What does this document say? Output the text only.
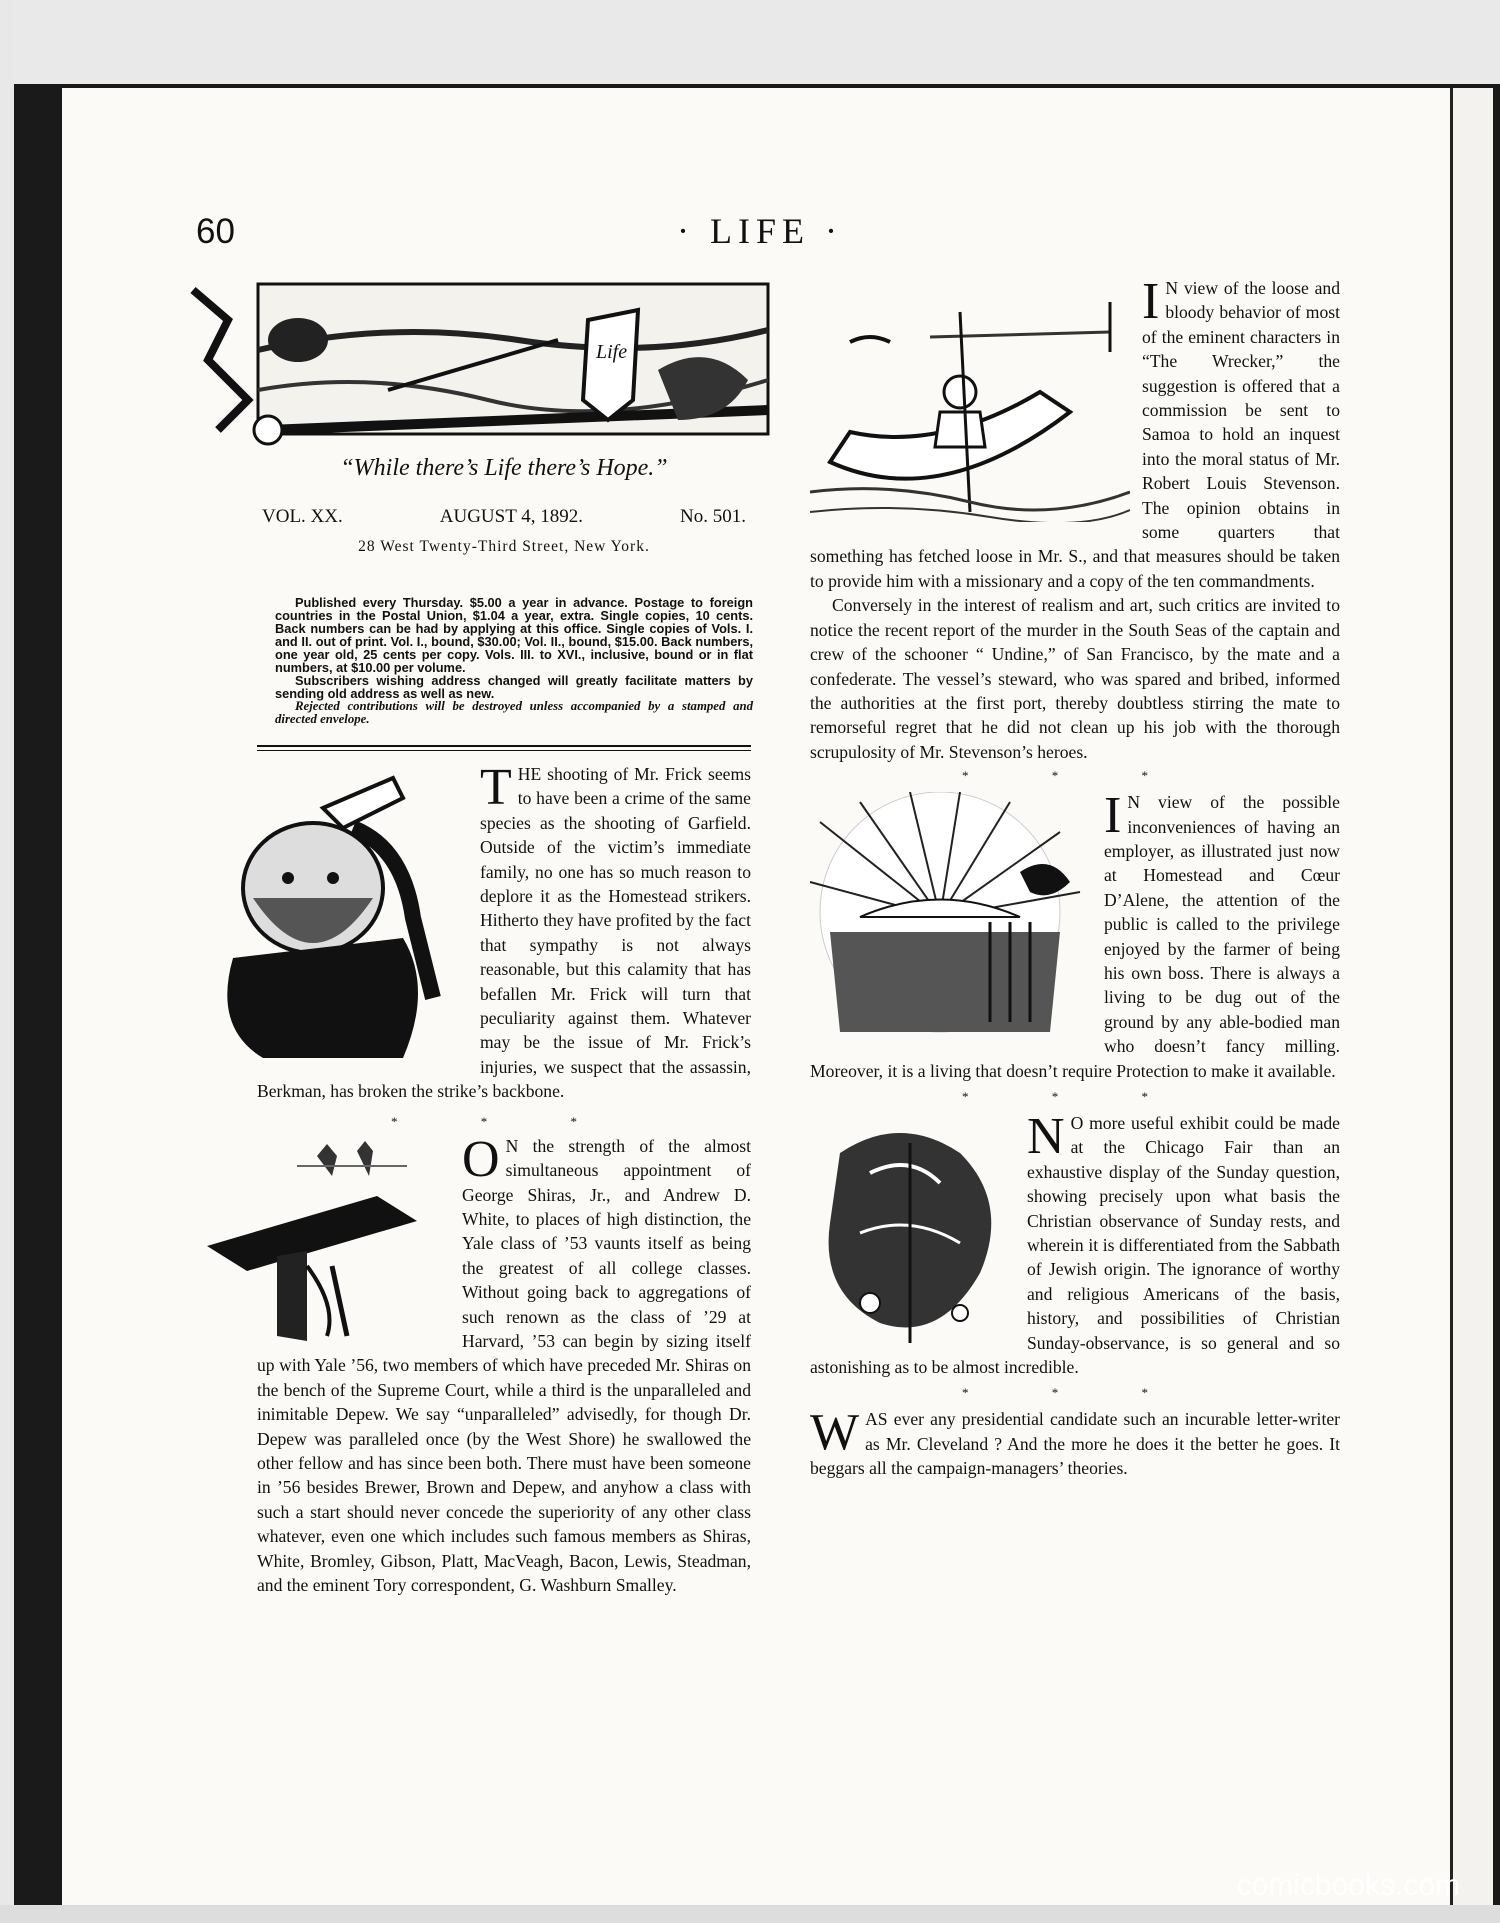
60	· LIFE ·
Life
“While there’s Life there’s Hope.”
VOL. XX.	AUGUST 4, 1892.	No. 501.
28 West Twenty-Third Street, New York.

Published every Thursday. $5.00 a year in advance. Postage to foreign countries in the Postal Union, $1.04 a year, extra. Single copies, 10 cents. Back numbers can be had by applying at this office. Single copies of Vols. I. and II. out of print. Vol. I., bound, $30.00; Vol. II., bound, $15.00. Back numbers, one year old, 25 cents per copy. Vols. III. to XVI., inclusive, bound or in flat numbers, at $10.00 per volume.

Subscribers wishing address changed will greatly facilitate matters by sending old address as well as new.

Rejected contributions will be destroyed unless accompanied by a stamped and directed envelope.

THE shooting of Mr. Frick seems to have been a crime of the same species as the shooting of Garfield. Outside of the victim’s immediate family, no one has so much reason to deplore it as the Homestead strikers. Hitherto they have profited by the fact that sympathy is not always reasonable, but this calamity that has befallen Mr. Frick will turn that peculiarity against them. Whatever may be the issue of Mr. Frick’s injuries, we suspect that the assassin, Berkman, has broken the strike’s backbone.

* * *

O N the strength of the almost simultaneous appointment of George Shiras, Jr., and Andrew D. White, to places of high distinction, the Yale class of ’53 vaunts itself as being the greatest of all college classes. Without going back to aggregations of such renown as the class of ’29 at Harvard, ’53 can begin by sizing itself up with Yale ’56, two members of which have preceded Mr. Shiras on the bench of the Supreme Court, while a third is the unparalleled and inimitable Depew. We say “unparalleled” advisedly, for though Dr. Depew was paralleled once (by the West Shore) he swallowed the other fellow and has since been both. There must have been someone in ’56 besides Brewer, Brown and Depew, and anyhow a class with such a start should never concede the superiority of any other class whatever, even one which includes such famous members as Shiras, White, Bromley, Gibson, Platt, MacVeagh, Bacon, Lewis, Steadman, and the eminent Tory correspondent, G. Washburn Smalley.

I N view of the loose and bloody behavior of most of the eminent characters in “The Wrecker,” the suggestion is offered that a commission be sent to Samoa to hold an inquest into the moral status of Mr. Robert Louis Stevenson. The opinion obtains in some quarters that something has fetched loose in Mr. S., and that measures should be taken to provide him with a missionary and a copy of the ten commandments.

Conversely in the interest of realism and art, such critics are invited to notice the recent report of the murder in the South Seas of the captain and crew of the schooner “ Undine,” of San Francisco, by the mate and a confederate. The vessel’s steward, who was spared and bribed, informed the authorities at the first port, thereby doubtless stirring the mate to remorseful regret that he did not clean up his job with the thorough scrupulosity of Mr. Stevenson’s heroes.

* * *

I N view of the possible inconveniences of having an employer, as illustrated just now at Homestead and Cœur D’Alene, the attention of the public is called to the privilege enjoyed by the farmer of being his own boss. There is always a living to be dug out of the ground by any able-bodied man who doesn’t fancy milling. Moreover, it is a living that doesn’t require Protection to make it available.

* * *

N O more useful exhibit could be made at the Chicago Fair than an exhaustive display of the Sunday question, showing precisely upon what basis the Christian observance of Sunday rests, and wherein it is differentiated from the Sabbath of Jewish origin. The ignorance of worthy and religious Americans of the basis, history, and possibilities of Christian Sunday-observance, is so general and so astonishing as to be almost incredible.

* * *

WAS ever any presidential candidate such an incurable letter-writer as Mr. Cleveland ? And the more he does it the better he goes. It beggars all the campaign-managers’ theories.

comicbooks.com
